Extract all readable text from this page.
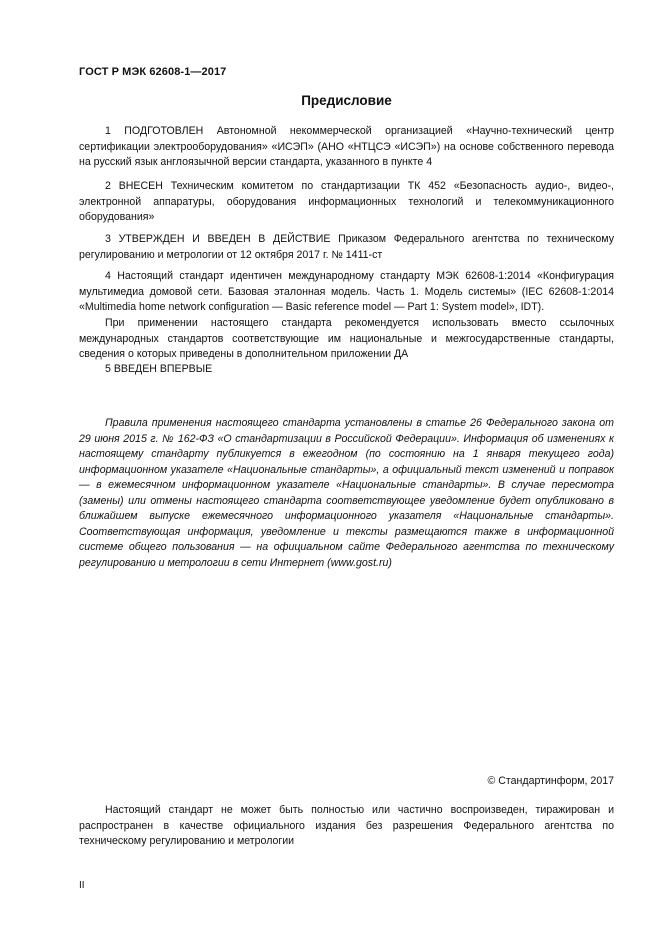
ГОСТ Р МЭК 62608-1—2017
Предисловие

1 ПОДГОТОВЛЕН Автономной некоммерческой организацией «Научно-технический центр сертификации электрооборудования» «ИСЭП» (АНО «НТЦСЭ «ИСЭП») на основе собственного перевода на русский язык англоязычной версии стандарта, указанного в пункте 4

2 ВНЕСЕН Техническим комитетом по стандартизации ТК 452 «Безопасность аудио-, видео-, электронной аппаратуры, оборудования информационных технологий и телекоммуникационного оборудования»

3 УТВЕРЖДЕН И ВВЕДЕН В ДЕЙСТВИЕ Приказом Федерального агентства по техническому регулированию и метрологии от 12 октября 2017 г. № 1411-ст

4 Настоящий стандарт идентичен международному стандарту МЭК 62608-1:2014 «Конфигурация мультимедиа домовой сети. Базовая эталонная модель. Часть 1. Модель системы» (IEC 62608-1:2014 «Multimedia home network configuration — Basic reference model — Part 1: System model», IDT).

При применении настоящего стандарта рекомендуется использовать вместо ссылочных международных стандартов соответствующие им национальные и межгосударственные стандарты, сведения о которых приведены в дополнительном приложении ДА

5 ВВЕДЕН ВПЕРВЫЕ

Правила применения настоящего стандарта установлены в статье 26 Федерального закона от 29 июня 2015 г. № 162-ФЗ «О стандартизации в Российской Федерации». Информация об изменениях к настоящему стандарту публикуется в ежегодном (по состоянию на 1 января текущего года) информационном указателе «Национальные стандарты», а официальный текст изменений и поправок — в ежемесячном информационном указателе «Национальные стандарты». В случае пересмотра (замены) или отмены настоящего стандарта соответствующее уведомление будет опубликовано в ближайшем выпуске ежемесячного информационного указателя «Национальные стандарты». Соответствующая информация, уведомление и тексты размещаются также в информационной системе общего пользования — на официальном сайте Федерального агентства по техническому регулированию и метрологии в сети Интернет (www.gost.ru)

© Стандартинформ, 2017

Настоящий стандарт не может быть полностью или частично воспроизведен, тиражирован и распространен в качестве официального издания без разрешения Федерального агентства по техническому регулированию и метрологии

II
